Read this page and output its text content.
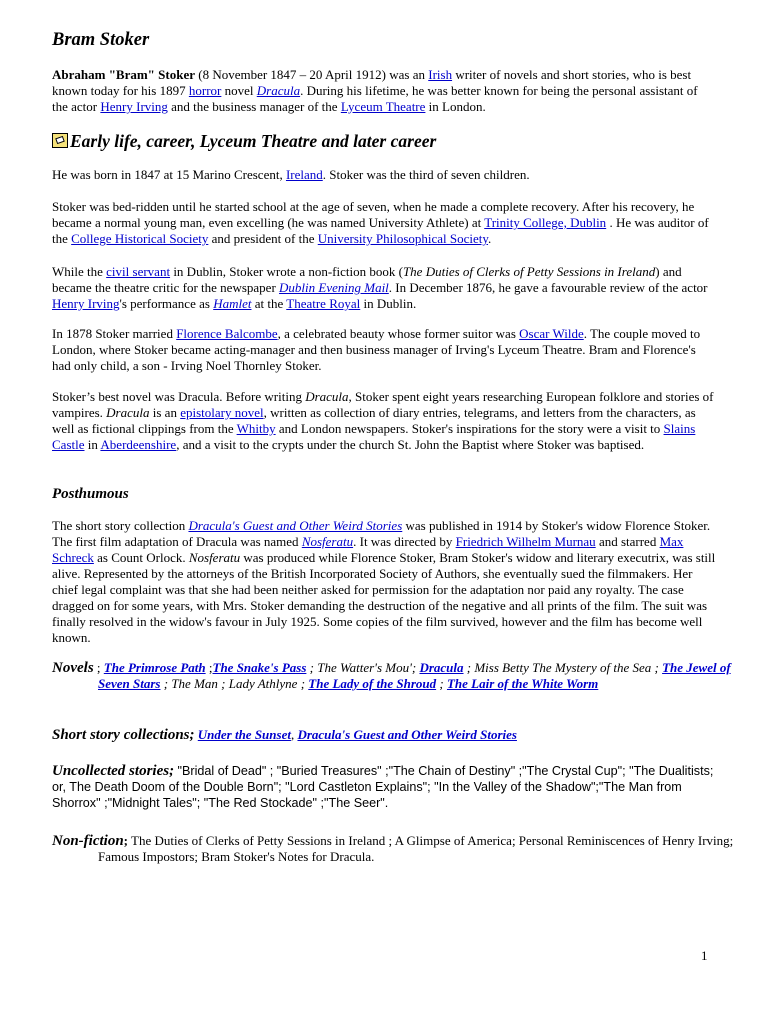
Bram Stoker
Abraham "Bram" Stoker (8 November 1847 – 20 April 1912) was an Irish writer of novels and short stories, who is best known today for his 1897 horror novel Dracula. During his lifetime, he was better known for being the personal assistant of the actor Henry Irving and the business manager of the Lyceum Theatre in London.
Early life, career, Lyceum Theatre and later career
He was born in 1847 at 15 Marino Crescent, Ireland. Stoker was the third of seven children.
Stoker was bed-ridden until he started school at the age of seven, when he made a complete recovery. After his recovery, he became a normal young man, even excelling (he was named University Athlete) at Trinity College, Dublin . He was auditor of the College Historical Society and president of the University Philosophical Society.
While the civil servant in Dublin, Stoker wrote a non-fiction book (The Duties of Clerks of Petty Sessions in Ireland) and became the theatre critic for the newspaper Dublin Evening Mail. In December 1876, he gave a favourable review of the actor Henry Irving's performance as Hamlet at the Theatre Royal in Dublin.
In 1878 Stoker married Florence Balcombe, a celebrated beauty whose former suitor was Oscar Wilde. The couple moved to London, where Stoker became acting-manager and then business manager of Irving's Lyceum Theatre. Bram and Florence's had only child, a son - Irving Noel Thornley Stoker.
Stoker’s best novel was Dracula. Before writing Dracula, Stoker spent eight years researching European folklore and stories of vampires. Dracula is an epistolary novel, written as collection of diary entries, telegrams, and letters from the characters, as well as fictional clippings from the Whitby and London newspapers. Stoker's inspirations for the story were a visit to Slains Castle in Aberdeenshire, and a visit to the crypts under the church St. John the Baptist where Stoker was baptised.
Posthumous
The short story collection Dracula's Guest and Other Weird Stories was published in 1914 by Stoker's widow Florence Stoker. The first film adaptation of Dracula was named Nosferatu. It was directed by Friedrich Wilhelm Murnau and starred Max Schreck as Count Orlock. Nosferatu was produced while Florence Stoker, Bram Stoker's widow and literary executrix, was still alive. Represented by the attorneys of the British Incorporated Society of Authors, she eventually sued the filmmakers. Her chief legal complaint was that she had been neither asked for permission for the adaptation nor paid any royalty. The case dragged on for some years, with Mrs. Stoker demanding the destruction of the negative and all prints of the film. The suit was finally resolved in the widow's favour in July 1925. Some copies of the film survived, however and the film has become well known.
Novels ; The Primrose Path ;The Snake's Pass ; The Watter's Mou'; Dracula ; Miss Betty The Mystery of the Sea ; The Jewel of Seven Stars ; The Man ; Lady Athlyne ; The Lady of the Shroud ; The Lair of the White Worm
Short story collections; Under the Sunset, Dracula's Guest and Other Weird Stories
Uncollected stories; "Bridal of Dead" ; "Buried Treasures" ;"The Chain of Destiny" ;"The Crystal Cup"; "The Dualitists; or, The Death Doom of the Double Born"; "Lord Castleton Explains"; "In the Valley of the Shadow";"The Man from Shorrox" ;"Midnight Tales"; "The Red Stockade" ;"The Seer".
Non-fiction; The Duties of Clerks of Petty Sessions in Ireland ; A Glimpse of America; Personal Reminiscences of Henry Irving; Famous Impostors; Bram Stoker's Notes for Dracula.
1
